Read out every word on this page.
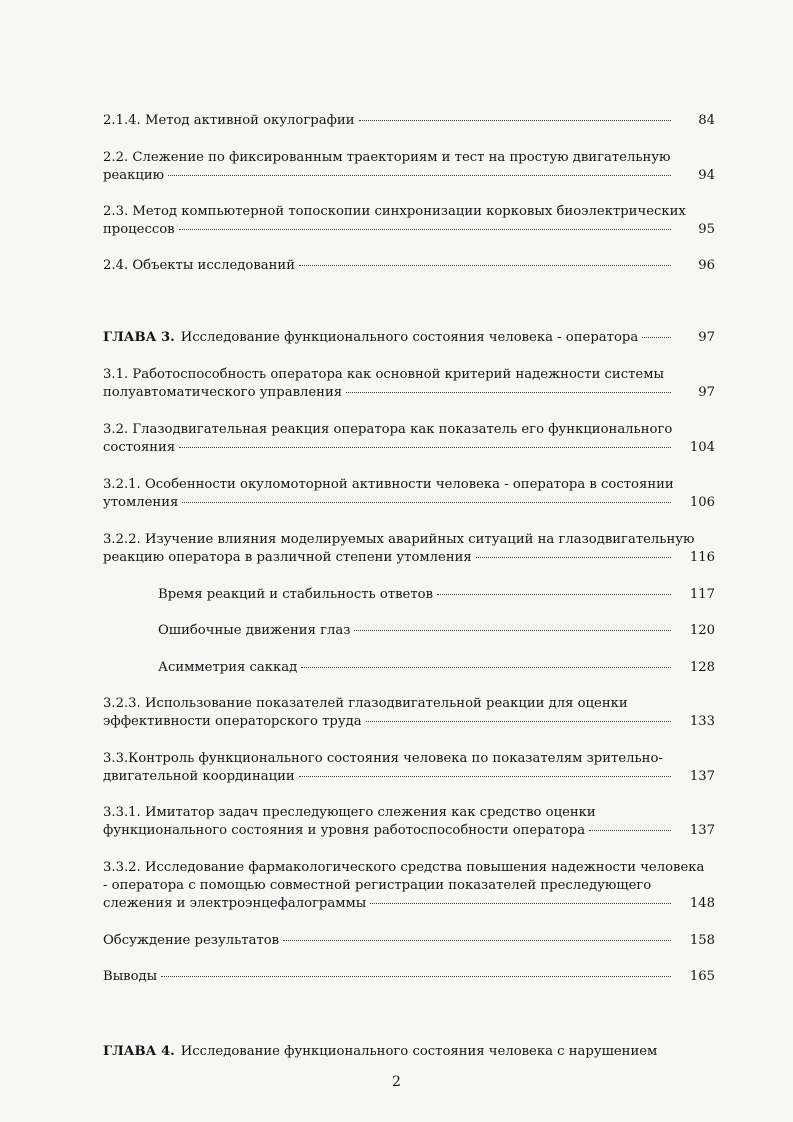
2.1.4. Метод активной окулографии	84
2.2. Слежение по фиксированным траекториям и тест на простую двигательную
реакцию	94
2.3. Метод компьютерной топоскопии синхронизации корковых биоэлектрических
процессов	95
2.4. Объекты исследований	96
ГЛАВА 3. Исследование функционального состояния человека - оператора	97
3.1. Работоспособность оператора как основной критерий надежности системы
полуавтоматического управления	97
3.2. Глазодвигательная реакция оператора как показатель его функционального
состояния	104
3.2.1. Особенности окуломоторной активности человека - оператора в состоянии
утомления	106
3.2.2. Изучение влияния моделируемых аварийных ситуаций на глазодвигательную
реакцию оператора в различной степени утомления	116
Время реакций и стабильность ответов	117
Ошибочные движения глаз	120
Асимметрия саккад	128
3.2.3. Использование показателей глазодвигательной реакции для оценки
эффективности операторского труда	133
3.3.Контроль функционального состояния человека по показателям зрительно-
двигательной координации	137
3.3.1. Имитатор задач преследующего слежения как средство оценки
функционального состояния и уровня работоспособности оператора	137
3.3.2. Исследование фармакологического средства повышения надежности человека
- оператора с помощью совместной регистрации показателей преследующего
слежения и электроэнцефалограммы	148
Обсуждение результатов	158
Выводы	165
ГЛАВА 4. Исследование функционального состояния человека с нарушением
2
